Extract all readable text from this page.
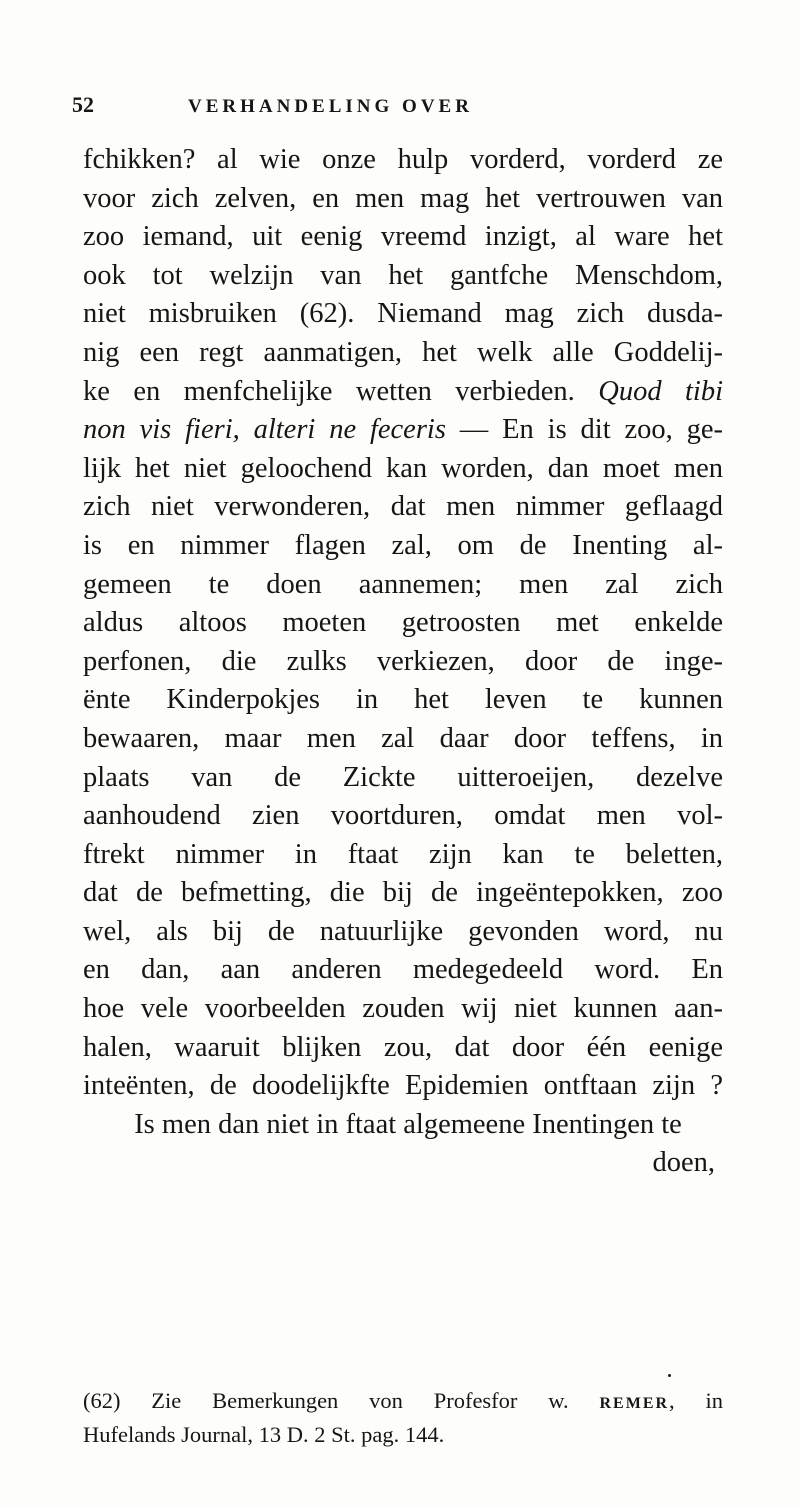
52	VERHANDELING OVER
fchikken? al wie onze hulp vorderd, vorderd ze
voor zich zelven, en men mag het vertrouwen van
zoo iemand, uit eenig vreemd inzigt, al ware het
ook tot welzijn van het gantfche Menschdom,
niet misbruiken (62). Niemand mag zich dusda-
nig een regt aanmatigen, het welk alle Goddelij-
ke en menfchelijke wetten verbieden. Quod tibi
non vis fieri, alteri ne feceris — En is dit zoo, ge-
lijk het niet geloochend kan worden, dan moet men
zich niet verwonderen, dat men nimmer geflaagd
is en nimmer flagen zal, om de Inenting al-
gemeen te doen aannemen; men zal zich
aldus altoos moeten getroosten met enkelde
perfonen, die zulks verkiezen, door de inge-
ënte Kinderpokjes in het leven te kunnen
bewaaren, maar men zal daar door teffens, in
plaats van de Zickte uitteroeijen, dezelve
aanhoudend zien voortduren, omdat men vol-
ftrekt nimmer in ftaat zijn kan te beletten,
dat de befmetting, die bij de ingeëntepokken, zoo
wel, als bij de natuurlijke gevonden word, nu
en dan, aan anderen medegedeeld word. En
hoe vele voorbeelden zouden wij niet kunnen aan-
halen, waaruit blijken zou, dat door één eenige
inteënten, de doodelijkfte Epidemien ontftaan zijn ?
Is men dan niet in ftaat algemeene Inentingen te
doen,
(62) Zie Bemerkungen von Profesfor w. remer, in
Hufelands Journal, 13 D. 2 St. pag. 144.
